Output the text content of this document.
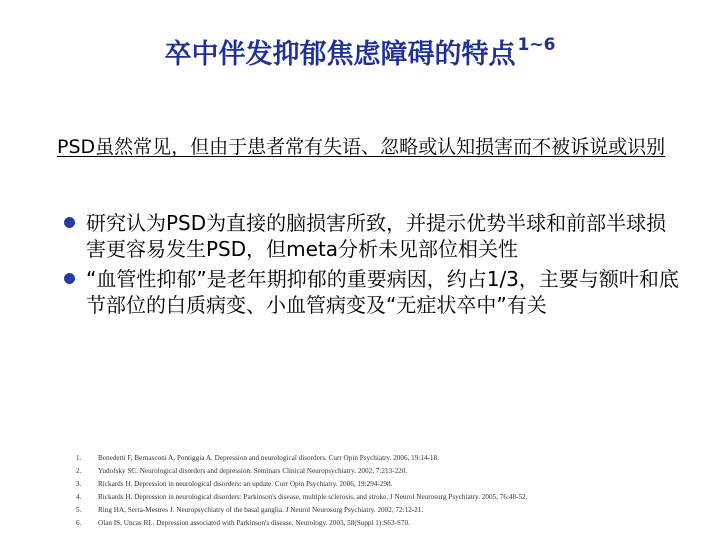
卒中伴发抑郁焦虑障碍的特点 $^{1\sim 6}$
PSD虽然常见，但由于患者常有失语、忽略或认知损害而不被诉说或识别
研究认为PSD为直接的脑损害所致，并提示优势半球和前部半球损害更容易发生PSD，但meta分析未见部位相关性
“血管性抑郁”是老年期抑郁的重要病因，约占1/3，主要与额叶和底节部位的白质病变、小血管病变及“无症状卒中”有关
1. Benedetti F, Bernasconi A, Pontiggia A. Depression and neurological disorders. Curr Opin Psychiatry. 2006, 19:14-18.
2. Yudofsky SC. Neurological disorders and depression. Seminars Clinical Neuropsychiatry. 2002, 7:213-220.
3. Rickards H. Depression in neurological disorders: an update. Curr Opin Psychiatry. 2006, 19:294-298.
4. Rickards H. Depression in neurological disorders: Parkinson's disease, multiple sclerosis, and stroke. J Neurol Neurosurg Psychiatry. 2005, 76:48-52.
5. Ring HA, Serra-Mestres J. Neuropsychiatry of the basal ganglia. J Neurol Neurosurg Psychiatry. 2002, 72:12-21.
6. Olan IS, Uncas RL. Depression associated with Parkinson's disease. Neurology. 2003, 58(Suppl 1):S63-S70.
